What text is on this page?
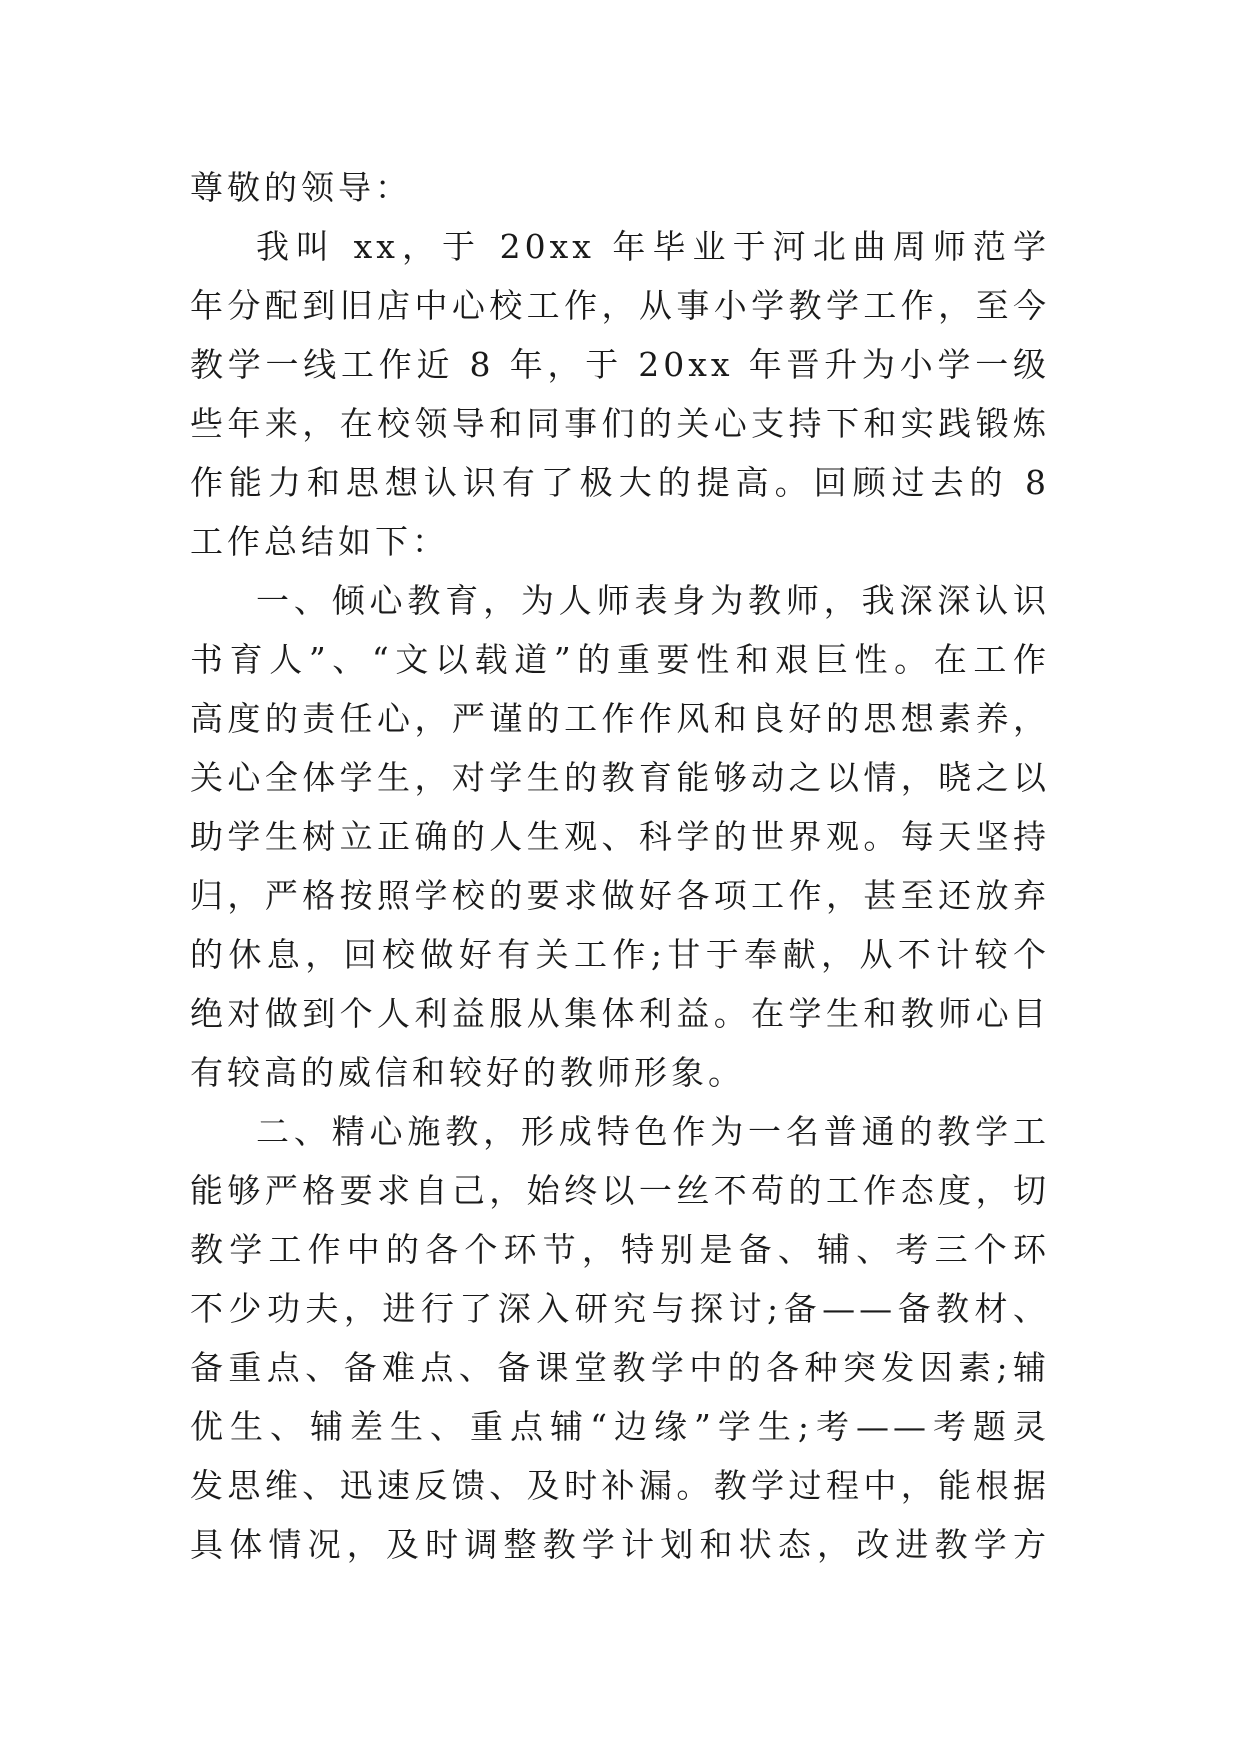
尊敬的领导：
我叫 xx，于 20xx 年毕业于河北曲周师范学
年分配到旧店中心校工作，从事小学教学工作，至今
教学一线工作近 8 年，于 20xx 年晋升为小学一级
些年来，在校领导和同事们的关心支持下和实践锻炼
作能力和思想认识有了极大的提高。回顾过去的 8
工作总结如下：
一、倾心教育，为人师表身为教师，我深深认识
书育人”、“文以载道”的重要性和艰巨性。在工作
高度的责任心，严谨的工作作风和良好的思想素养，
关心全体学生，对学生的教育能够动之以情，晓之以
助学生树立正确的人生观、科学的世界观。每天坚持
归，严格按照学校的要求做好各项工作，甚至还放弃
的休息，回校做好有关工作;甘于奉献，从不计较个
绝对做到个人利益服从集体利益。在学生和教师心目
有较高的威信和较好的教师形象。
二、精心施教，形成特色作为一名普通的教学工
能够严格要求自己，始终以一丝不苟的工作态度，切
教学工作中的各个环节，特别是备、辅、考三个环
不少功夫，进行了深入研究与探讨;备——备教材、
备重点、备难点、备课堂教学中的各种突发因素;辅
优生、辅差生、重点辅“边缘”学生;考——考题灵
发思维、迅速反馈、及时补漏。教学过程中，能根据
具体情况，及时调整教学计划和状态，改进教学方
